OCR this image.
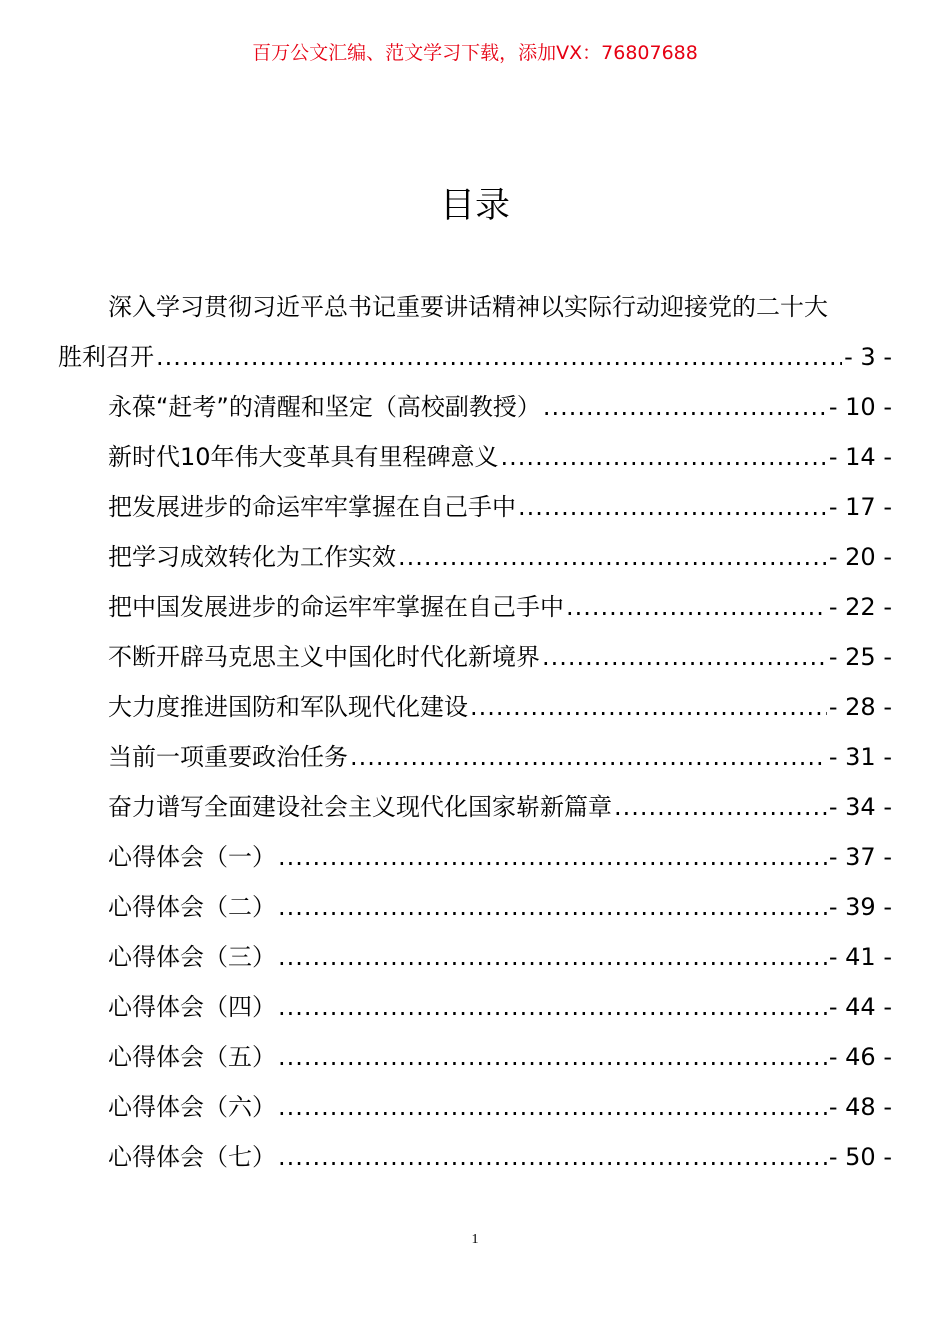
百万公文汇编、范文学习下载，添加VX：76807688
目录
深入学习贯彻习近平总书记重要讲话精神以实际行动迎接党的二十大
胜利召开 .....	- 3 -
永葆“赶考”的清醒和坚定（高校副教授） .....	- 10 -
新时代10年伟大变革具有里程碑意义 .....	- 14 -
把发展进步的命运牢牢掌握在自己手中 .....	- 17 -
把学习成效转化为工作实效 .....	- 20 -
把中国发展进步的命运牢牢掌握在自己手中 .....	- 22 -
不断开辟马克思主义中国化时代化新境界 .....	- 25 -
大力度推进国防和军队现代化建设 .....	- 28 -
当前一项重要政治任务 .....	- 31 -
奋力谱写全面建设社会主义现代化国家崭新篇章 .....	- 34 -
心得体会（一） .....	- 37 -
心得体会（二） .....	- 39 -
心得体会（三） .....	- 41 -
心得体会（四） .....	- 44 -
心得体会（五） .....	- 46 -
心得体会（六） .....	- 48 -
心得体会（七） .....	- 50 -
1
